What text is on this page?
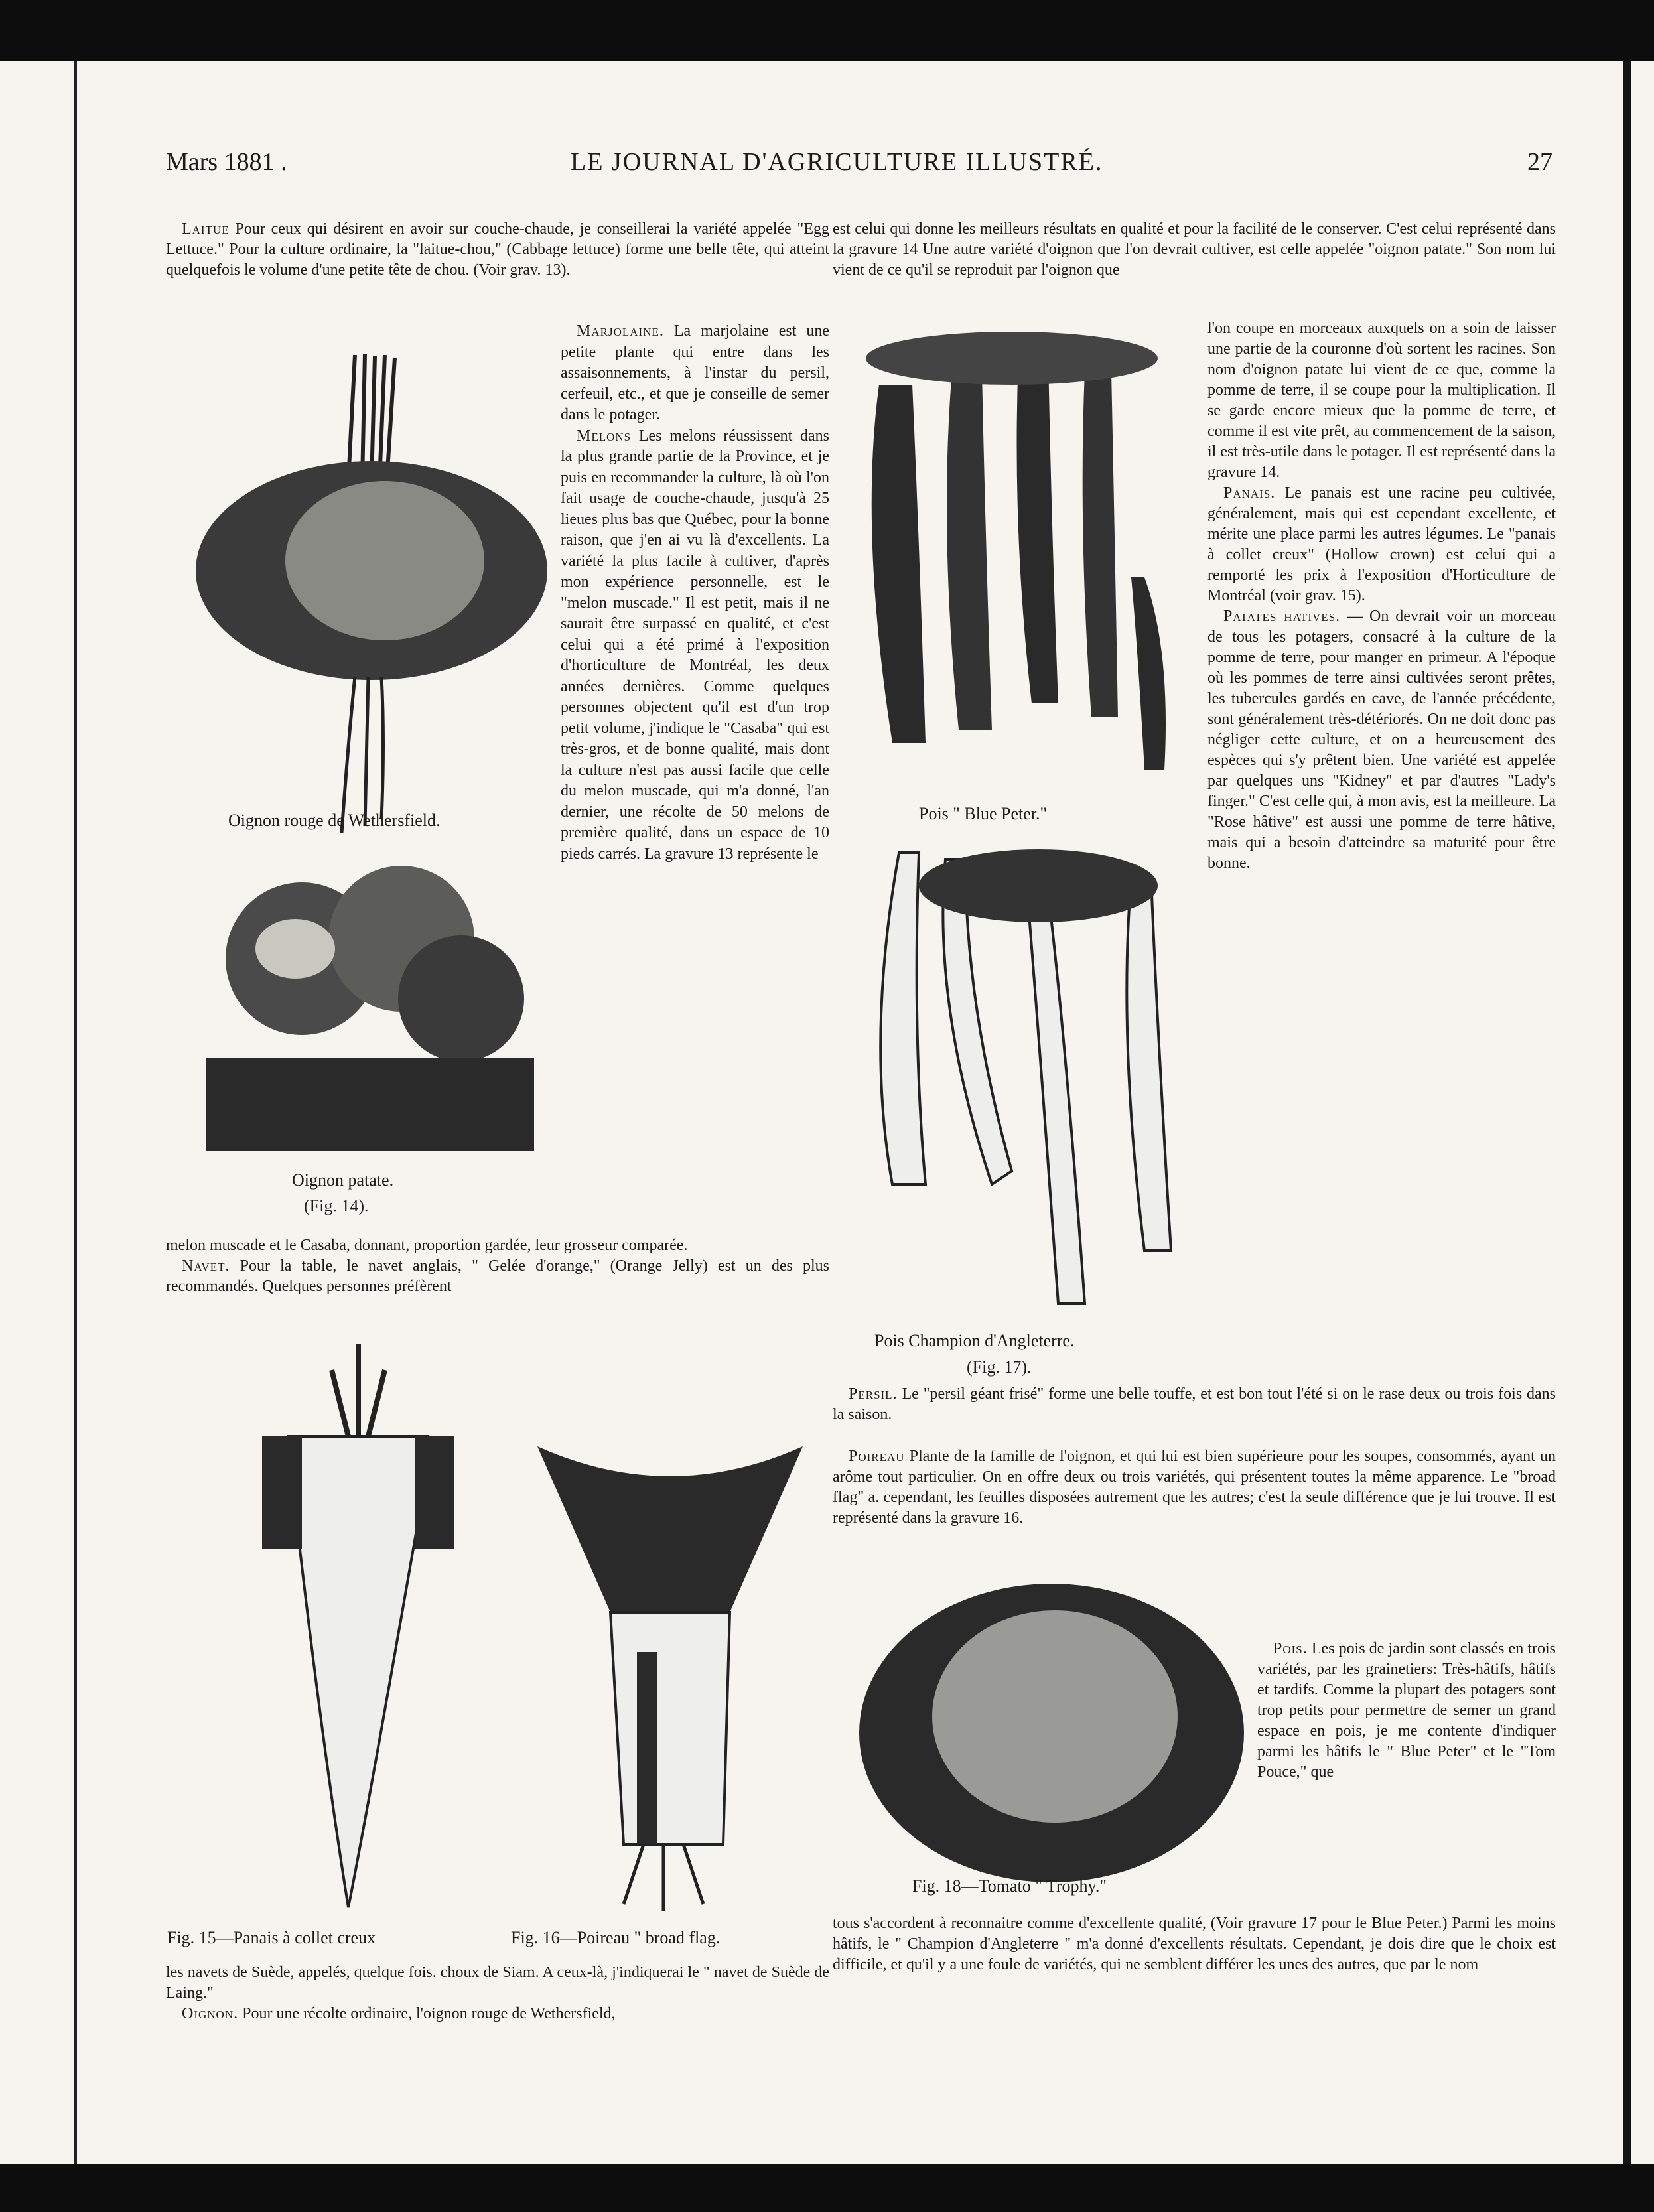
Mars 1881 .	LE JOURNAL D'AGRICULTURE ILLUSTRÉ.	27

Laitue Pour ceux qui désirent en avoir sur couche-chaude, je conseillerai la variété appelée "Egg Lettuce." Pour la culture ordinaire, la "laitue-chou," (Cabbage lettuce) forme une belle tête, qui atteint quelquefois le volume d'une petite tête de chou. (Voir grav. 13).

Oignon rouge de Wethersfield.
Oignon patate.
(Fig. 14).

Marjolaine. La marjolaine est une petite plante qui entre dans les assaisonnements, à l'instar du persil, cerfeuil, etc., et que je conseille de semer dans le potager.

Melons Les melons réussissent dans la plus grande partie de la Province, et je puis en recommander la culture, là où l'on fait usage de couche-chaude, jusqu'à 25 lieues plus bas que Québec, pour la bonne raison, que j'en ai vu là d'excellents. La variété la plus facile à cultiver, d'après mon expérience personnelle, est le "melon muscade." Il est petit, mais il ne saurait être surpassé en qualité, et c'est celui qui a été primé à l'exposition d'horticulture de Montréal, les deux années dernières. Comme quelques personnes objectent qu'il est d'un trop petit volume, j'indique le "Casaba" qui est très-gros, et de bonne qualité, mais dont la culture n'est pas aussi facile que celle du melon muscade, qui m'a donné, l'an dernier, une récolte de 50 melons de première qualité, dans un espace de 10 pieds carrés. La gravure 13 représente le

melon muscade et le Casaba, donnant, proportion gardée, leur grosseur comparée.

Navet. Pour la table, le navet anglais, " Gelée d'orange," (Orange Jelly) est un des plus recommandés. Quelques personnes préfèrent

Fig. 15—Panais à collet creux	Fig. 16—Poireau " broad flag.

les navets de Suède, appelés, quelque fois. choux de Siam. A ceux-là, j'indiquerai le " navet de Suède de Laing."

Oignon. Pour une récolte ordinaire, l'oignon rouge de Wethersfield,

est celui qui donne les meilleurs résultats en qualité et pour la facilité de le conserver. C'est celui représenté dans la gravure 14 Une autre variété d'oignon que l'on devrait cultiver, est celle appelée "oignon patate." Son nom lui vient de ce qu'il se reproduit par l'oignon que

Pois " Blue Peter."
Pois Champion d'Angleterre.
(Fig. 17).

l'on coupe en morceaux auxquels on a soin de laisser une partie de la couronne d'où sortent les racines. Son nom d'oignon patate lui vient de ce que, comme la pomme de terre, il se coupe pour la multiplication. Il se garde encore mieux que la pomme de terre, et comme il est vite prêt, au commencement de la saison, il est très-utile dans le potager. Il est représenté dans la gravure 14.

Panais. Le panais est une racine peu cultivée, généralement, mais qui est cependant excellente, et mérite une place parmi les autres légumes. Le "panais à collet creux" (Hollow crown) est celui qui a remporté les prix à l'exposition d'Horticulture de Montréal (voir grav. 15).

Patates hatives. — On devrait voir un morceau de tous les potagers, consacré à la culture de la pomme de terre, pour manger en primeur. A l'époque où les pommes de terre ainsi cultivées seront prêtes, les tubercules gardés en cave, de l'année précédente, sont généralement très-détériorés. On ne doit donc pas négliger cette culture, et on a heureusement des espèces qui s'y prêtent bien. Une variété est appelée par quelques uns "Kidney" et par d'autres "Lady's finger." C'est celle qui, à mon avis, est la meilleure. La "Rose hâtive" est aussi une pomme de terre hâtive, mais qui a besoin d'atteindre sa maturité pour être bonne.

Persil. Le "persil géant frisé" forme une belle touffe, et est bon tout l'été si on le rase deux ou trois fois dans la saison.

Fig. 18—Tomato " Trophy."

Poireau Plante de la famille de l'oignon, et qui lui est bien supérieure pour les soupes, consommés, ayant un arôme tout particulier. On en offre deux ou trois variétés, qui présentent toutes la même apparence. Le "broad flag" a. cependant, les feuilles disposées autrement que les autres; c'est la seule différence que je lui trouve. Il est représenté dans la gravure 16.

Pois. Les pois de jardin sont classés en trois variétés, par les grainetiers: Très-hâtifs, hâtifs et tardifs. Comme la plupart des potagers sont trop petits pour permettre de semer un grand espace en pois, je me contente d'indiquer parmi les hâtifs le " Blue Peter" et le "Tom Pouce," que

tous s'accordent à reconnaitre comme d'excellente qualité, (Voir gravure 17 pour le Blue Peter.) Parmi les moins hâtifs, le " Champion d'Angleterre " m'a donné d'excellents résultats. Cependant, je dois dire que le choix est difficile, et qu'il y a une foule de variétés, qui ne semblent différer les unes des autres, que par le nom
